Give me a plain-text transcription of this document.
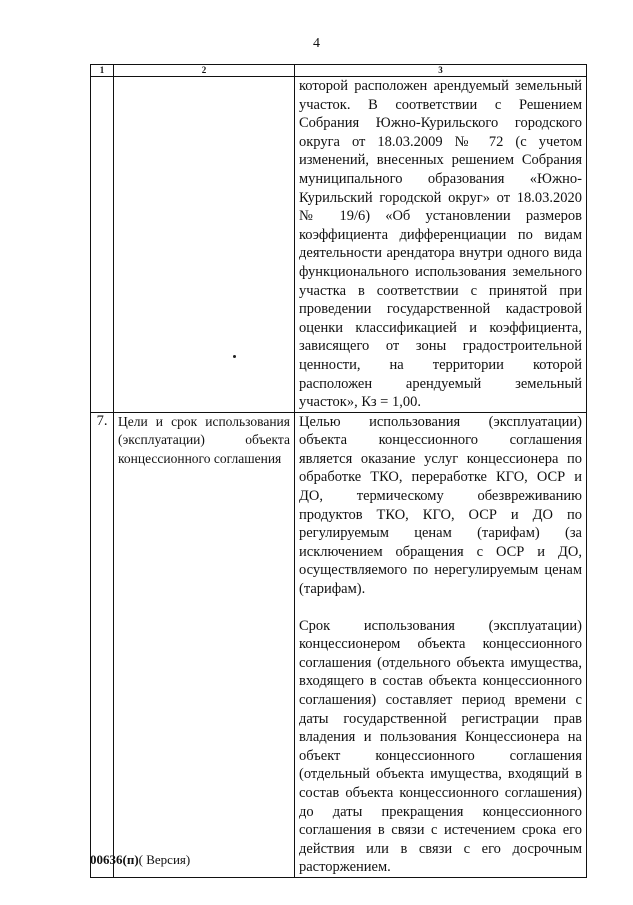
4
1	2	3

		которой расположен арендуемый земельный участок. В соответствии с Решением Собрания Южно-Курильского городского округа от 18.03.2009 № 72 (с учетом изменений, внесенных решением Собрания муниципального образования «Южно-Курильский городской округ» от 18.03.2020 № 19/6) «Об установлении размеров коэффициента дифференциации по видам деятельности арендатора внутри одного вида функционального использования земельного участка в соответствии с принятой при проведении государственной кадастровой оценки классификацией и коэффициента, зависящего от зоны градостроительной ценности, на территории которой расположен арендуемый земельный участок», Кз = 1,00.

7.	Цели и срок использования (эксплуатации) объекта концессионного соглашения	Целью использования (эксплуатации) объекта концессионного соглашения является оказание услуг концессионера по обработке ТКО, переработке КГО, ОСР и ДО, термическому обезвреживанию продуктов ТКО, КГО, ОСР и ДО по регулируемым ценам (тарифам) (за исключением обращения с ОСР и ДО, осуществляемого по нерегулируемым ценам (тарифам).

Срок использования (эксплуатации) концессионером объекта концессионного соглашения (отдельного объекта имущества, входящего в состав объекта концессионного соглашения) составляет период времени с даты государственной регистрации прав владения и пользования Концессионера на объект концессионного соглашения (отдельный объекта имущества, входящий в состав объекта концессионного соглашения) до даты прекращения концессионного соглашения в связи с истечением срока его действия или в связи с его досрочным расторжением.

00636(п)( Версия)
